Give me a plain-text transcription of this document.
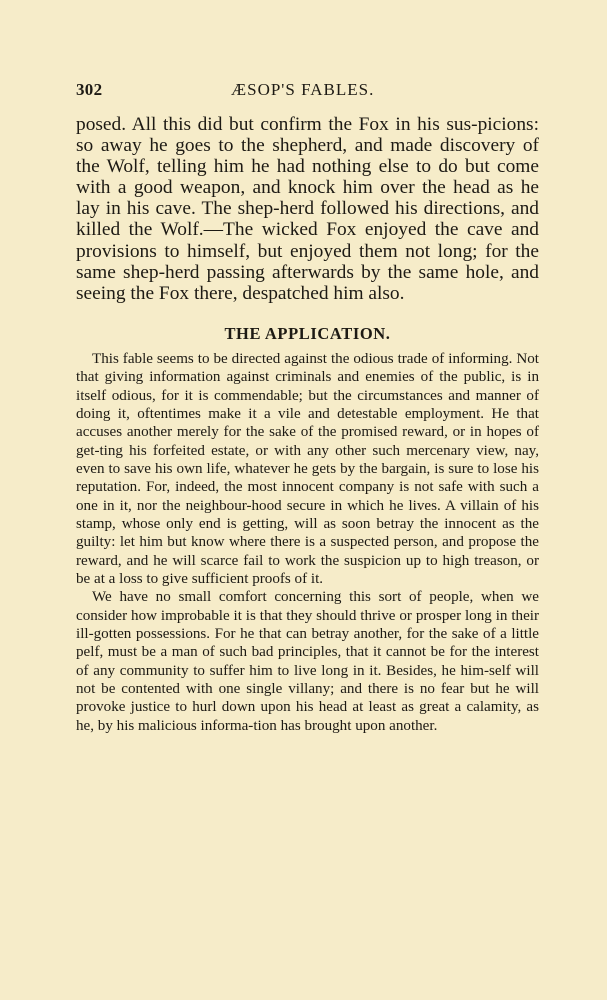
302	ÆSOP'S FABLES.

posed. All this did but confirm the Fox in his sus-picions: so away he goes to the shepherd, and made discovery of the Wolf, telling him he had nothing else to do but come with a good weapon, and knock him over the head as he lay in his cave. The shep-herd followed his directions, and killed the Wolf.—The wicked Fox enjoyed the cave and provisions to himself, but enjoyed them not long; for the same shep-herd passing afterwards by the same hole, and seeing the Fox there, despatched him also.

THE APPLICATION.

This fable seems to be directed against the odious trade of informing. Not that giving information against criminals and enemies of the public, is in itself odious, for it is commendable; but the circumstances and manner of doing it, oftentimes make it a vile and detestable employment. He that accuses another merely for the sake of the promised reward, or in hopes of get-ting his forfeited estate, or with any other such mercenary view, nay, even to save his own life, whatever he gets by the bargain, is sure to lose his reputation. For, indeed, the most innocent company is not safe with such a one in it, nor the neighbour-hood secure in which he lives. A villain of his stamp, whose only end is getting, will as soon betray the innocent as the guilty: let him but know where there is a suspected person, and propose the reward, and he will scarce fail to work the suspicion up to high treason, or be at a loss to give sufficient proofs of it.

We have no small comfort concerning this sort of people, when we consider how improbable it is that they should thrive or prosper long in their ill-gotten possessions. For he that can betray another, for the sake of a little pelf, must be a man of such bad principles, that it cannot be for the interest of any community to suffer him to live long in it. Besides, he him-self will not be contented with one single villany; and there is no fear but he will provoke justice to hurl down upon his head at least as great a calamity, as he, by his malicious informa-tion has brought upon another.
